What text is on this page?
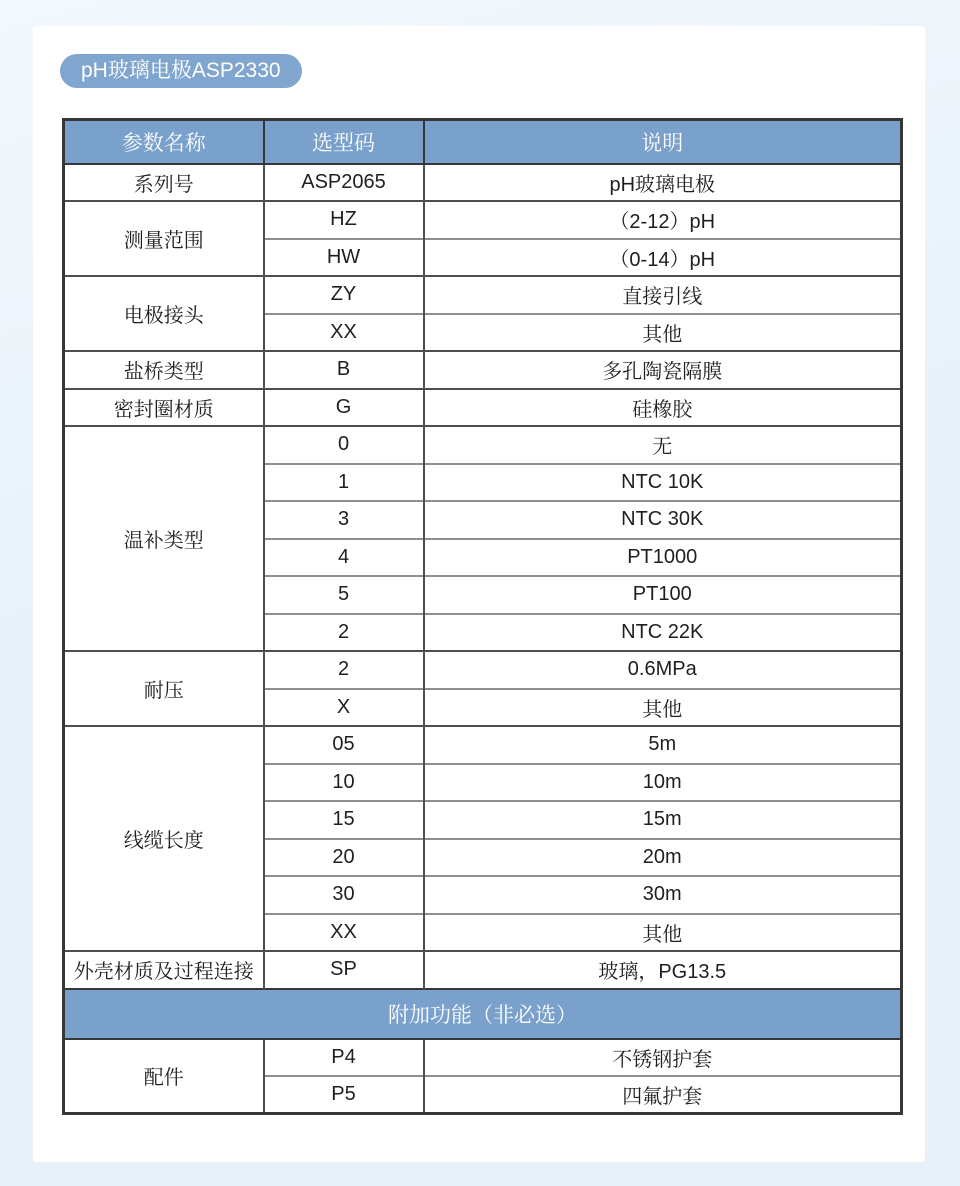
pH玻璃电极ASP2330
参数名称	选型码	说明
系列号	ASP2065	pH玻璃电极
测量范围	HZ	（2-12）pH
	HW	（0-14）pH
电极接头	ZY	直接引线
	XX	其他
盐桥类型	B	多孔陶瓷隔膜
密封圈材质	G	硅橡胶
温补类型	0	无
	1	NTC 10K
	3	NTC 30K
	4	PT1000
	5	PT100
	2	NTC 22K
耐压	2	0.6MPa
	X	其他
线缆长度	05	5m
	10	10m
	15	15m
	20	20m
	30	30m
	XX	其他
外壳材质及过程连接	SP	玻璃，PG13.5
附加功能（非必选）		
配件	P4	不锈钢护套
	P5	四氟护套
